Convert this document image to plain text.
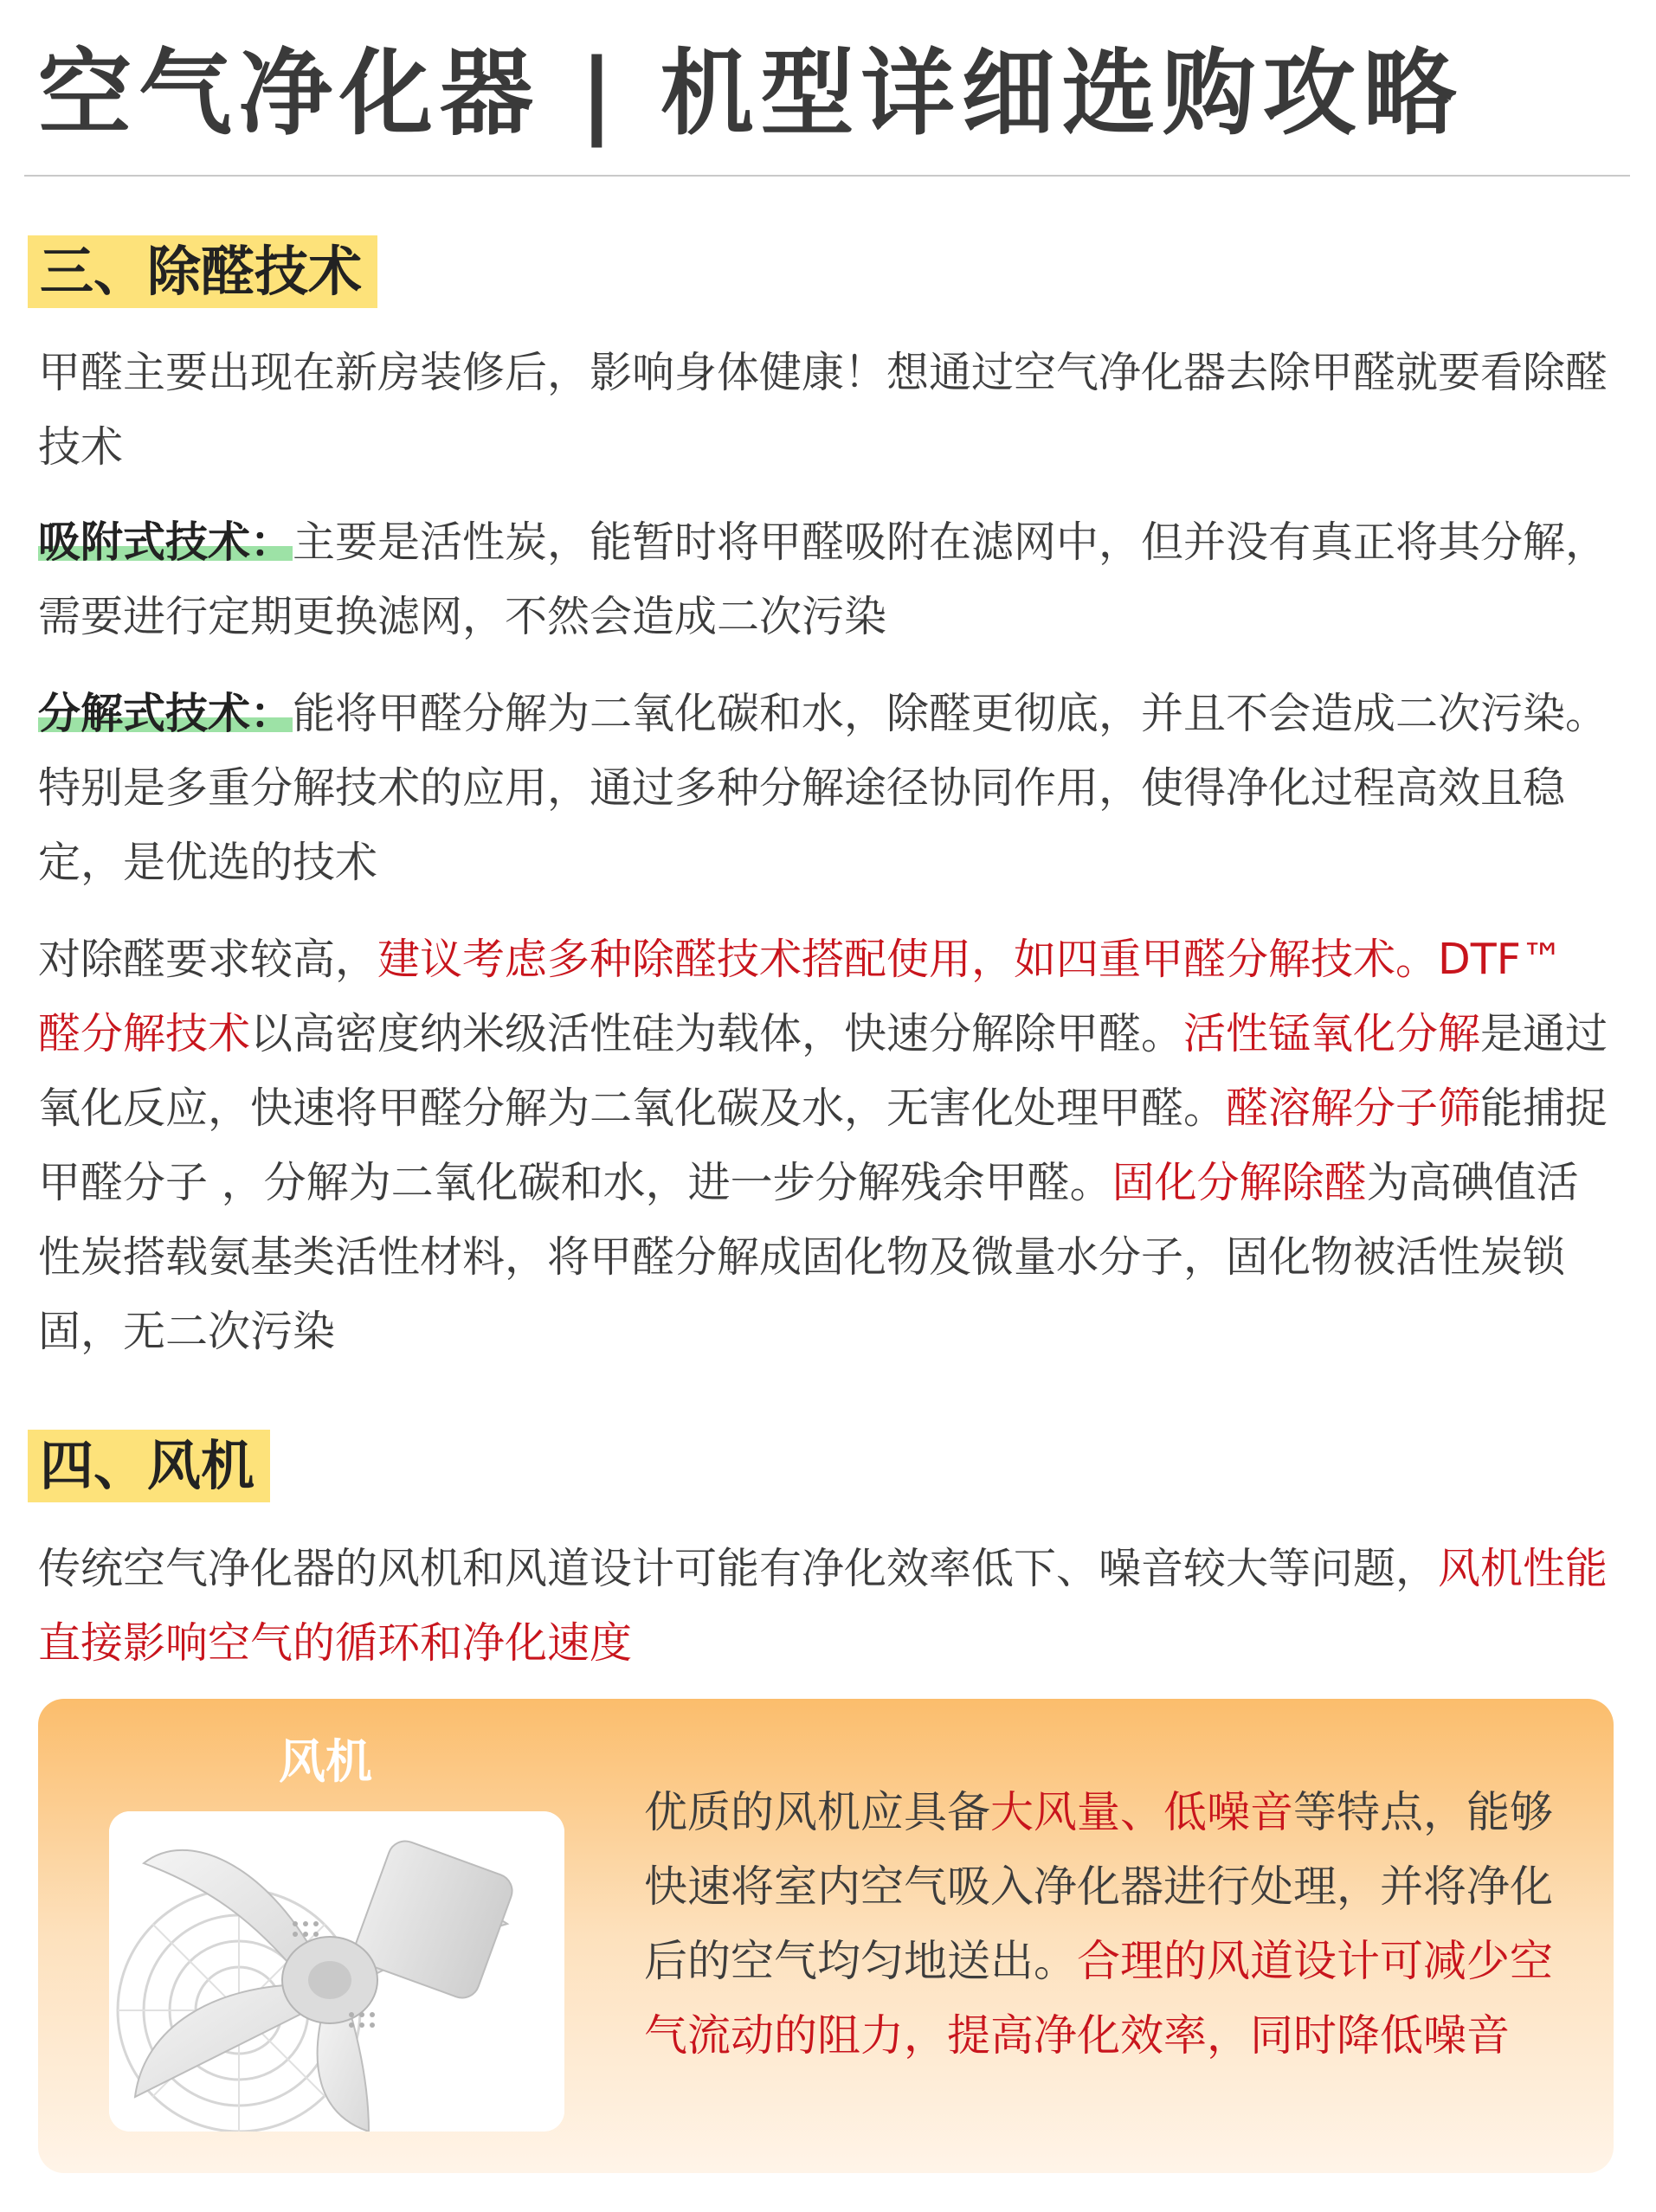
空气净化器 | 机型详细选购攻略
三、除醛技术
甲醛主要出现在新房装修后，影响身体健康！想通过空气净化器去除甲醛就要看除醛技术
吸附式技术：主要是活性炭，能暂时将甲醛吸附在滤网中，但并没有真正将其分解，需要进行定期更换滤网，不然会造成二次污染
分解式技术：能将甲醛分解为二氧化碳和水，除醛更彻底，并且不会造成二次污染。特别是多重分解技术的应用，通过多种分解途径协同作用，使得净化过程高效且稳定，是优选的技术
对除醛要求较高，建议考虑多种除醛技术搭配使用，如四重甲醛分解技术。DTF™ 醛分解技术以高密度纳米级活性硅为载体，快速分解除甲醛。活性锰氧化分解是通过氧化反应，快速将甲醛分解为二氧化碳及水，无害化处理甲醛。醛溶解分子筛能捕捉甲醛分子 ，分解为二氧化碳和水，进一步分解残余甲醛。固化分解除醛为高碘值活性炭搭载氨基类活性材料，将甲醛分解成固化物及微量水分子，固化物被活性炭锁固，无二次污染
四、风机
传统空气净化器的风机和风道设计可能有净化效率低下、噪音较大等问题，风机性能直接影响空气的循环和净化速度
风机
优质的风机应具备大风量、低噪音等特点，能够快速将室内空气吸入净化器进行处理，并将净化后的空气均匀地送出。合理的风道设计可减少空气流动的阻力，提高净化效率，同时降低噪音
